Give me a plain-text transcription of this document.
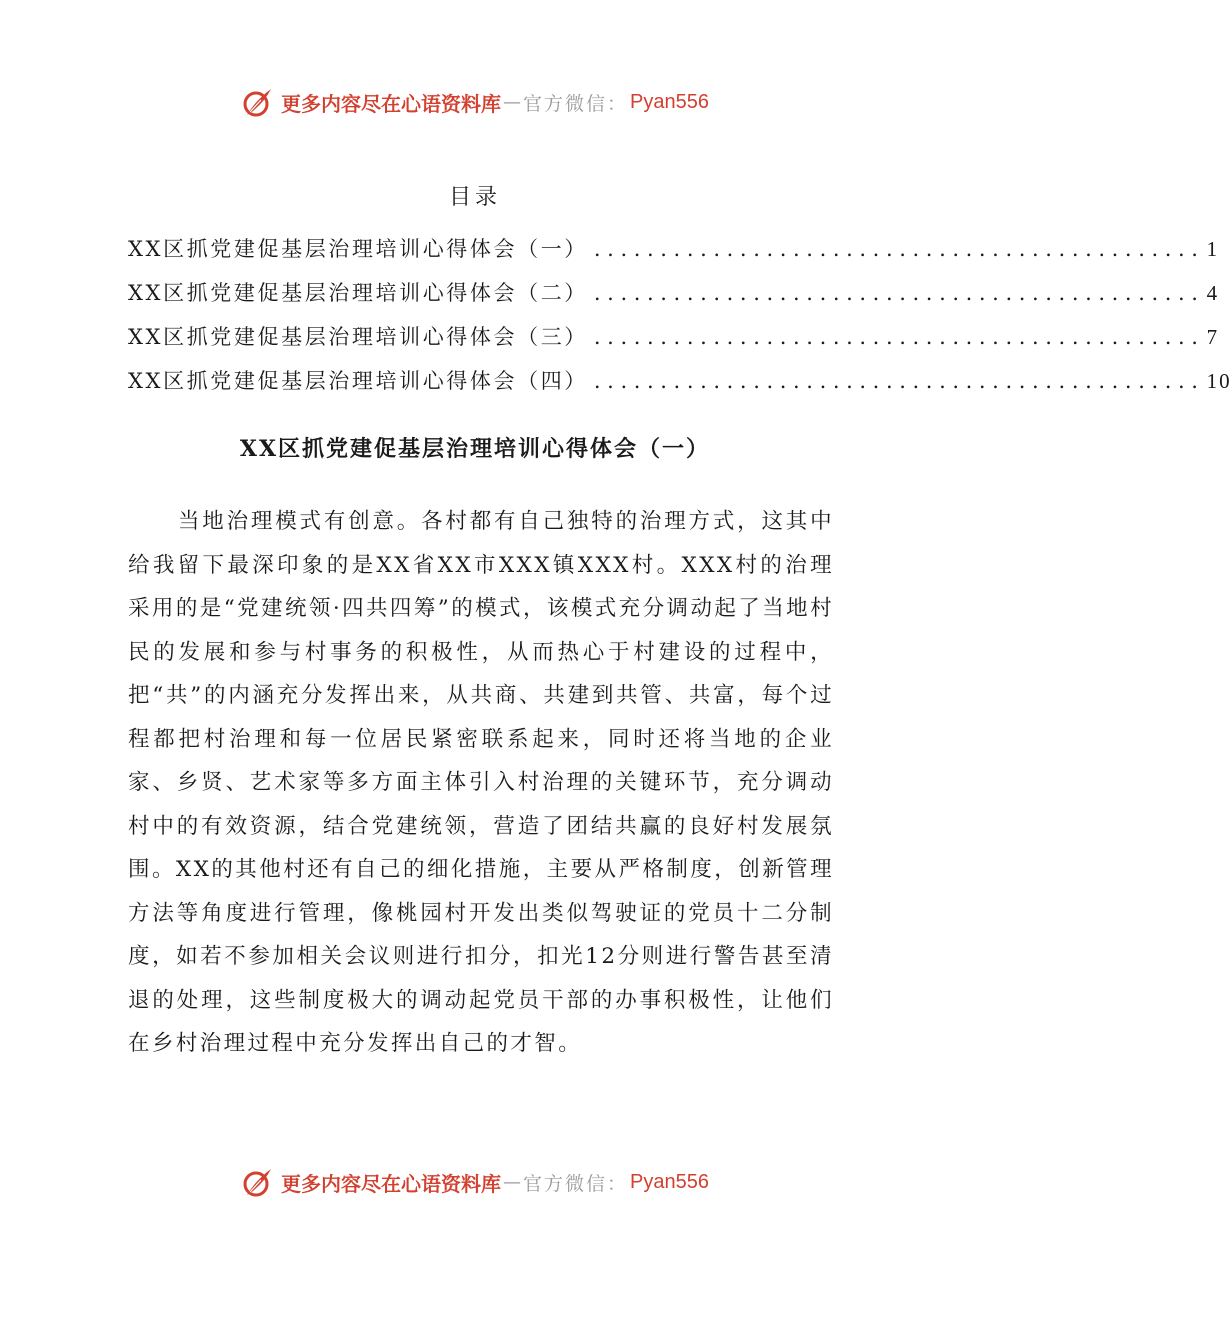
更多内容尽在心语资料库 — 官方微信： Pyan556
目录
XX区抓党建促基层治理培训心得体会（一） .............................................. 1
XX区抓党建促基层治理培训心得体会（二） .............................................. 4
XX区抓党建促基层治理培训心得体会（三） .............................................. 7
XX区抓党建促基层治理培训心得体会（四） .............................................. 10
XX区抓党建促基层治理培训心得体会（一）

当地治理模式有创意。各村都有自己独特的治理方式，这其中给我留下最深印象的是XX省XX市XXX镇XXX村。XXX村的治理采用的是“党建统领·四共四筹”的模式，该模式充分调动起了当地村民的发展和参与村事务的积极性，从而热心于村建设的过程中，把“共”的内涵充分发挥出来，从共商、共建到共管、共富，每个过程都把村治理和每一位居民紧密联系起来，同时还将当地的企业家、乡贤、艺术家等多方面主体引入村治理的关键环节，充分调动村中的有效资源，结合党建统领，营造了团结共赢的良好村发展氛围。XX的其他村还有自己的细化措施，主要从严格制度，创新管理方法等角度进行管理，像桃园村开发出类似驾驶证的党员十二分制度，如若不参加相关会议则进行扣分，扣光12分则进行警告甚至清退的处理，这些制度极大的调动起党员干部的办事积极性，让他们在乡村治理过程中充分发挥出自己的才智。

更多内容尽在心语资料库 — 官方微信： Pyan556
